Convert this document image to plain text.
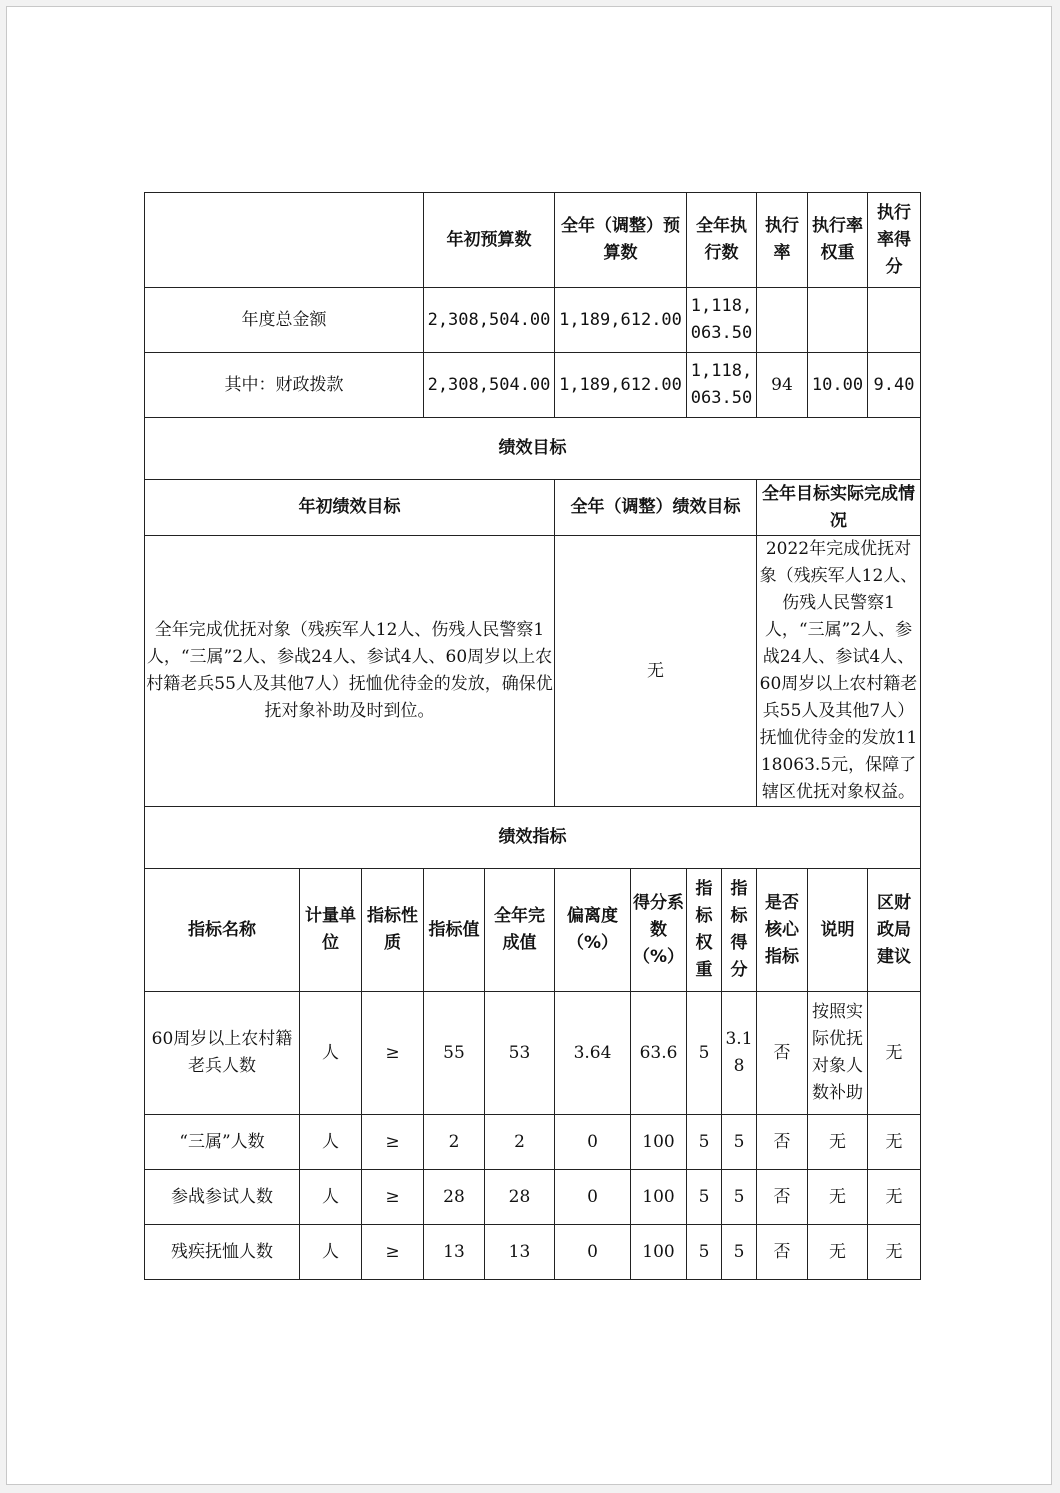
			年初预算数		全年（调整）预算数		全年执行数		执行率	执行率权重	执行率得分
年度总金额			2,308,504.00		1,189,612.00		1,118,063.50				
其中：财政拨款			2,308,504.00		1,189,612.00		1,118,063.50		94	10.00	9.40
绩效目标											
年初绩效目标					全年（调整）绩效目标				全年目标实际完成情况		
全年完成优抚对象（残疾军人12人、伤残人民警察1人，“三属”2人、参战24人、参试4人、60周岁以上农村籍老兵55人及其他7人）抚恤优待金的发放，确保优抚对象补助及时到位。					无				2022年完成优抚对象（残疾军人12人、伤残人民警察1人，“三属”2人、参战24人、参试4人、60周岁以上农村籍老兵55人及其他7人）抚恤优待金的发放1118063.5元，保障了辖区优抚对象权益。		
绩效指标											
指标名称	计量单位	指标性质	指标值	全年完成值	偏离度（%）	得分系数（%）	指标权重	指标得分	是否核心指标	说明	区财政局建议
60周岁以上农村籍老兵人数	人	≥	55	53	3.64	63.6	5	3.18	否	按照实际优抚对象人数补助	无
“三属”人数	人	≥	2	2	0	100	5	5	否	无	无
参战参试人数	人	≥	28	28	0	100	5	5	否	无	无
残疾抚恤人数	人	≥	13	13	0	100	5	5	否	无	无
